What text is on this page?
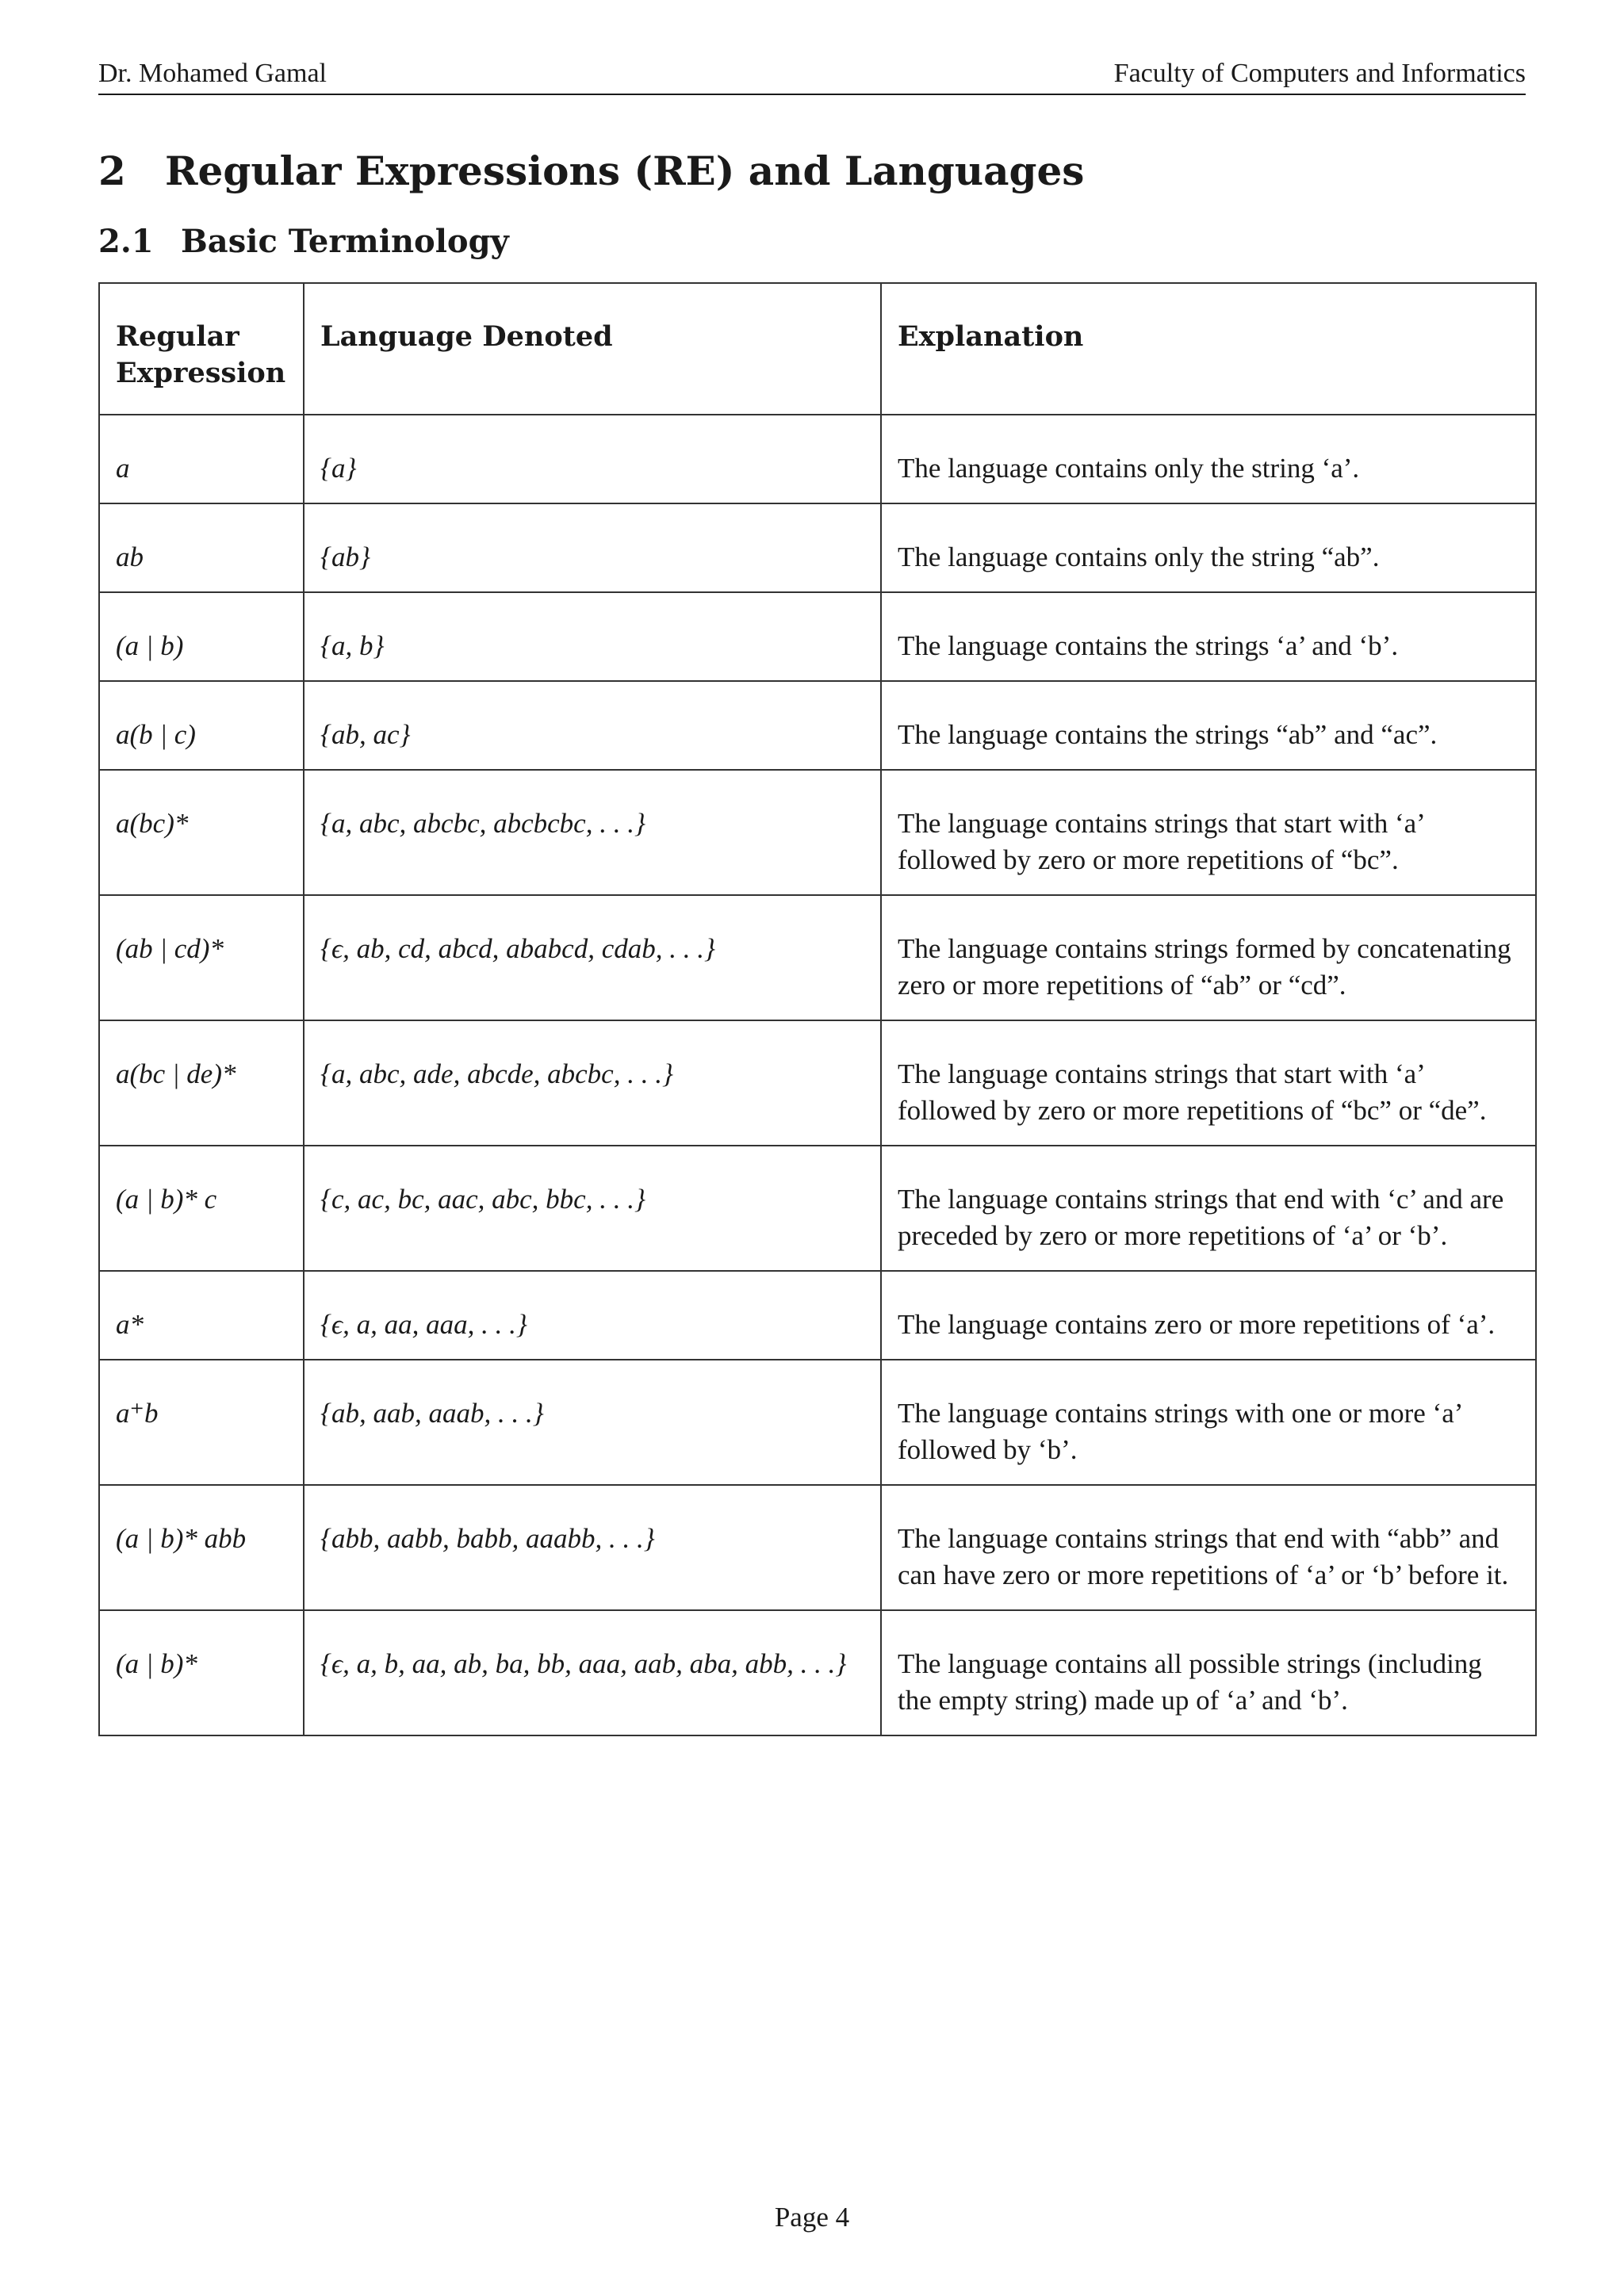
Dr. Mohamed Gamal	Faculty of Computers and Informatics
2 Regular Expressions (RE) and Languages
2.1 Basic Terminology
Regular Expression	Language Denoted	Explanation
a	{a}	The language contains only the string ‘a’.
ab	{ab}	The language contains only the string “ab”.
(a | b)	{a, b}	The language contains the strings ‘a’ and ‘b’.
a(b | c)	{ab, ac}	The language contains the strings “ab” and “ac”.
a(bc)*	{a, abc, abcbc, abcbcbc, . . .}	The language contains strings that start with ‘a’ followed by zero or more repetitions of “bc”.
(ab | cd)*	{ϵ, ab, cd, abcd, ababcd, cdab, . . .}	The language contains strings formed by concatenating zero or more repetitions of “ab” or “cd”.
a(bc | de)*	{a, abc, ade, abcde, abcbc, . . .}	The language contains strings that start with ‘a’ followed by zero or more repetitions of “bc” or “de”.
(a | b)* c	{c, ac, bc, aac, abc, bbc, . . .}	The language contains strings that end with ‘c’ and are preceded by zero or more repetitions of ‘a’ or ‘b’.
a*	{ϵ, a, aa, aaa, . . .}	The language contains zero or more repetitions of ‘a’.
a⁺b	{ab, aab, aaab, . . .}	The language contains strings with one or more ‘a’ followed by ‘b’.
(a | b)* abb	{abb, aabb, babb, aaabb, . . .}	The language contains strings that end with “abb” and can have zero or more repetitions of ‘a’ or ‘b’ before it.
(a | b)*	{ϵ, a, b, aa, ab, ba, bb, aaa, aab, aba, abb, . . .}	The language contains all possible strings (including the empty string) made up of ‘a’ and ‘b’.
Page 4
